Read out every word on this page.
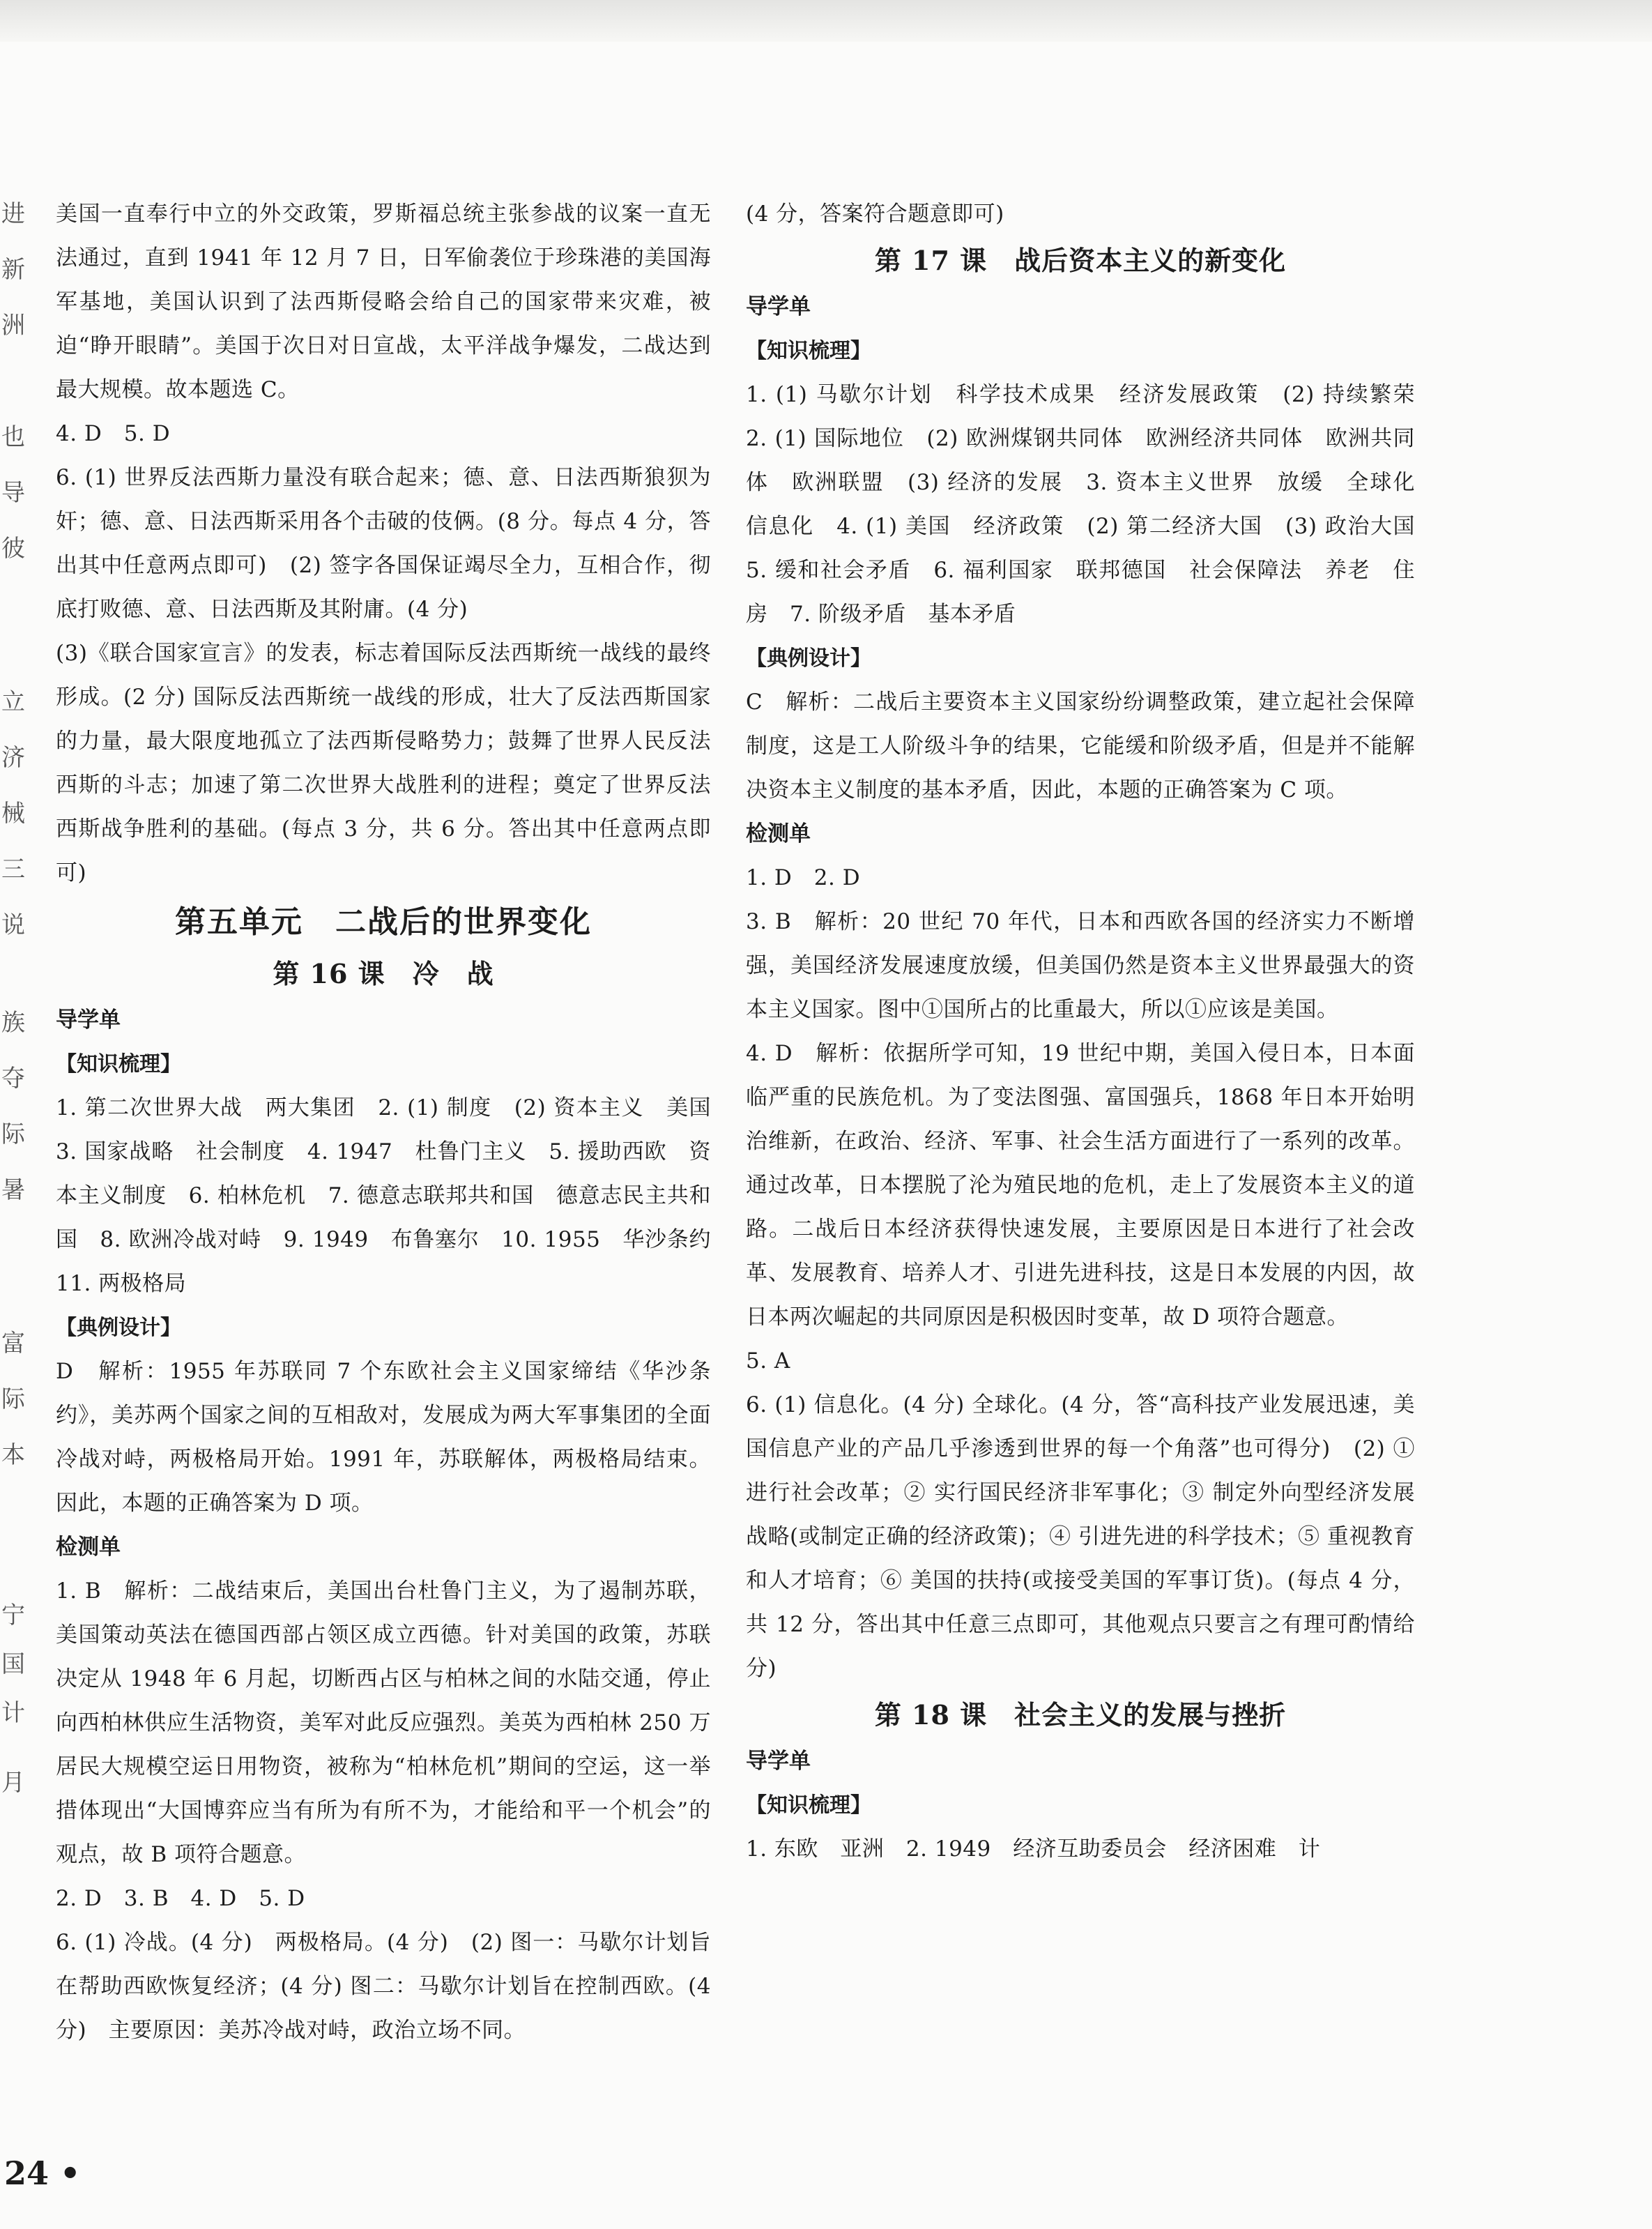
进
新
洲
也
导
彼
立
济
械
三
说
族
夺
际
暑
富
际
本
宁
国
计
月

美国一直奉行中立的外交政策，罗斯福总统主张参战的议案一直无法通过，直到 1941 年 12 月 7 日，日军偷袭位于珍珠港的美国海军基地，美国认识到了法西斯侵略会给自己的国家带来灾难，被迫“睁开眼睛”。美国于次日对日宣战，太平洋战争爆发，二战达到最大规模。故本题选 C。

4. D　5. D

6. (1) 世界反法西斯力量没有联合起来；德、意、日法西斯狼狈为奸；德、意、日法西斯采用各个击破的伎俩。(8 分。每点 4 分，答出其中任意两点即可)　(2) 签字各国保证竭尽全力，互相合作，彻底打败德、意、日法西斯及其附庸。(4 分)

(3)《联合国家宣言》的发表，标志着国际反法西斯统一战线的最终形成。(2 分) 国际反法西斯统一战线的形成，壮大了反法西斯国家的力量，最大限度地孤立了法西斯侵略势力；鼓舞了世界人民反法西斯的斗志；加速了第二次世界大战胜利的进程；奠定了世界反法西斯战争胜利的基础。(每点 3 分，共 6 分。答出其中任意两点即可)

第五单元　二战后的世界变化
第 16 课　冷　战

导学单

【知识梳理】

1. 第二次世界大战　两大集团　2. (1) 制度　(2) 资本主义　美国　3. 国家战略　社会制度　4. 1947　杜鲁门主义　5. 援助西欧　资本主义制度　6. 柏林危机　7. 德意志联邦共和国　德意志民主共和国　8. 欧洲冷战对峙　9. 1949　布鲁塞尔　10. 1955　华沙条约　11. 两极格局

【典例设计】

D　解析：1955 年苏联同 7 个东欧社会主义国家缔结《华沙条约》，美苏两个国家之间的互相敌对，发展成为两大军事集团的全面冷战对峙，两极格局开始。1991 年，苏联解体，两极格局结束。因此，本题的正确答案为 D 项。

检测单

1. B　解析：二战结束后，美国出台杜鲁门主义，为了遏制苏联，美国策动英法在德国西部占领区成立西德。针对美国的政策，苏联决定从 1948 年 6 月起，切断西占区与柏林之间的水陆交通，停止向西柏林供应生活物资，美军对此反应强烈。美英为西柏林 250 万居民大规模空运日用物资，被称为“柏林危机”期间的空运，这一举措体现出“大国博弈应当有所为有所不为，才能给和平一个机会”的观点，故 B 项符合题意。

2. D　3. B　4. D　5. D

6. (1) 冷战。(4 分)　两极格局。(4 分)　(2) 图一：马歇尔计划旨在帮助西欧恢复经济；(4 分) 图二：马歇尔计划旨在控制西欧。(4 分)　主要原因：美苏冷战对峙，政治立场不同。

(4 分，答案符合题意即可)

第 17 课　战后资本主义的新变化

导学单

【知识梳理】

1. (1) 马歇尔计划　科学技术成果　经济发展政策　(2) 持续繁荣　2. (1) 国际地位　(2) 欧洲煤钢共同体　欧洲经济共同体　欧洲共同体　欧洲联盟　(3) 经济的发展　3. 资本主义世界　放缓　全球化　信息化　4. (1) 美国　经济政策　(2) 第二经济大国　(3) 政治大国　5. 缓和社会矛盾　6. 福利国家　联邦德国　社会保障法　养老　住房　7. 阶级矛盾　基本矛盾

【典例设计】

C　解析：二战后主要资本主义国家纷纷调整政策，建立起社会保障制度，这是工人阶级斗争的结果，它能缓和阶级矛盾，但是并不能解决资本主义制度的基本矛盾，因此，本题的正确答案为 C 项。

检测单

1. D　2. D

3. B　解析：20 世纪 70 年代，日本和西欧各国的经济实力不断增强，美国经济发展速度放缓，但美国仍然是资本主义世界最强大的资本主义国家。图中①国所占的比重最大，所以①应该是美国。

4. D　解析：依据所学可知，19 世纪中期，美国入侵日本，日本面临严重的民族危机。为了变法图强、富国强兵，1868 年日本开始明治维新，在政治、经济、军事、社会生活方面进行了一系列的改革。通过改革，日本摆脱了沦为殖民地的危机，走上了发展资本主义的道路。二战后日本经济获得快速发展，主要原因是日本进行了社会改革、发展教育、培养人才、引进先进科技，这是日本发展的内因，故日本两次崛起的共同原因是积极因时变革，故 D 项符合题意。

5. A

6. (1) 信息化。(4 分) 全球化。(4 分，答“高科技产业发展迅速，美国信息产业的产品几乎渗透到世界的每一个角落”也可得分)　(2) ① 进行社会改革；② 实行国民经济非军事化；③ 制定外向型经济发展战略(或制定正确的经济政策)；④ 引进先进的科学技术；⑤ 重视教育和人才培育；⑥ 美国的扶持(或接受美国的军事订货)。(每点 4 分，共 12 分，答出其中任意三点即可，其他观点只要言之有理可酌情给分)

第 18 课　社会主义的发展与挫折

导学单

【知识梳理】

1. 东欧　亚洲　2. 1949　经济互助委员会　经济困难　计

24 •
